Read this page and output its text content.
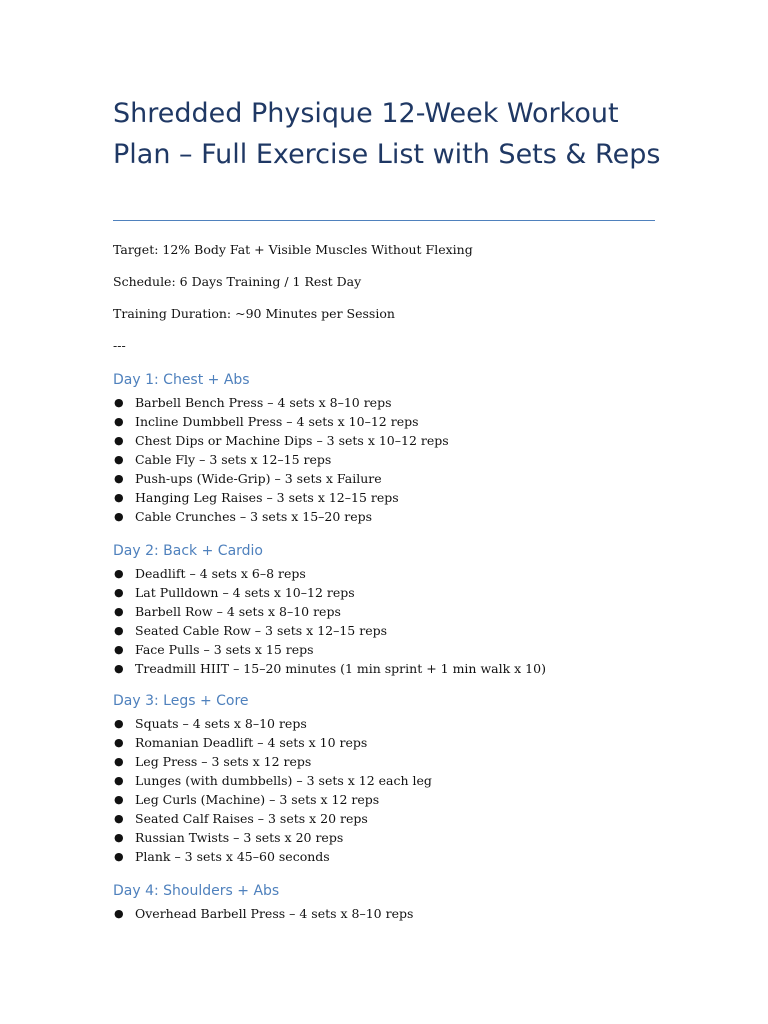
Shredded Physique 12-Week Workout Plan – Full Exercise List with Sets & Reps

Target: 12% Body Fat + Visible Muscles Without Flexing

Schedule: 6 Days Training / 1 Rest Day

Training Duration: ~90 Minutes per Session

---

Day 1: Chest + Abs
● Barbell Bench Press – 4 sets x 8–10 reps
● Incline Dumbbell Press – 4 sets x 10–12 reps
● Chest Dips or Machine Dips – 3 sets x 10–12 reps
● Cable Fly – 3 sets x 12–15 reps
● Push-ups (Wide-Grip) – 3 sets x Failure
● Hanging Leg Raises – 3 sets x 12–15 reps
● Cable Crunches – 3 sets x 15–20 reps
Day 2: Back + Cardio
● Deadlift – 4 sets x 6–8 reps
● Lat Pulldown – 4 sets x 10–12 reps
● Barbell Row – 4 sets x 8–10 reps
● Seated Cable Row – 3 sets x 12–15 reps
● Face Pulls – 3 sets x 15 reps
● Treadmill HIIT – 15–20 minutes (1 min sprint + 1 min walk x 10)
Day 3: Legs + Core
● Squats – 4 sets x 8–10 reps
● Romanian Deadlift – 4 sets x 10 reps
● Leg Press – 3 sets x 12 reps
● Lunges (with dumbbells) – 3 sets x 12 each leg
● Leg Curls (Machine) – 3 sets x 12 reps
● Seated Calf Raises – 3 sets x 20 reps
● Russian Twists – 3 sets x 20 reps
● Plank – 3 sets x 45–60 seconds
Day 4: Shoulders + Abs
● Overhead Barbell Press – 4 sets x 8–10 reps
